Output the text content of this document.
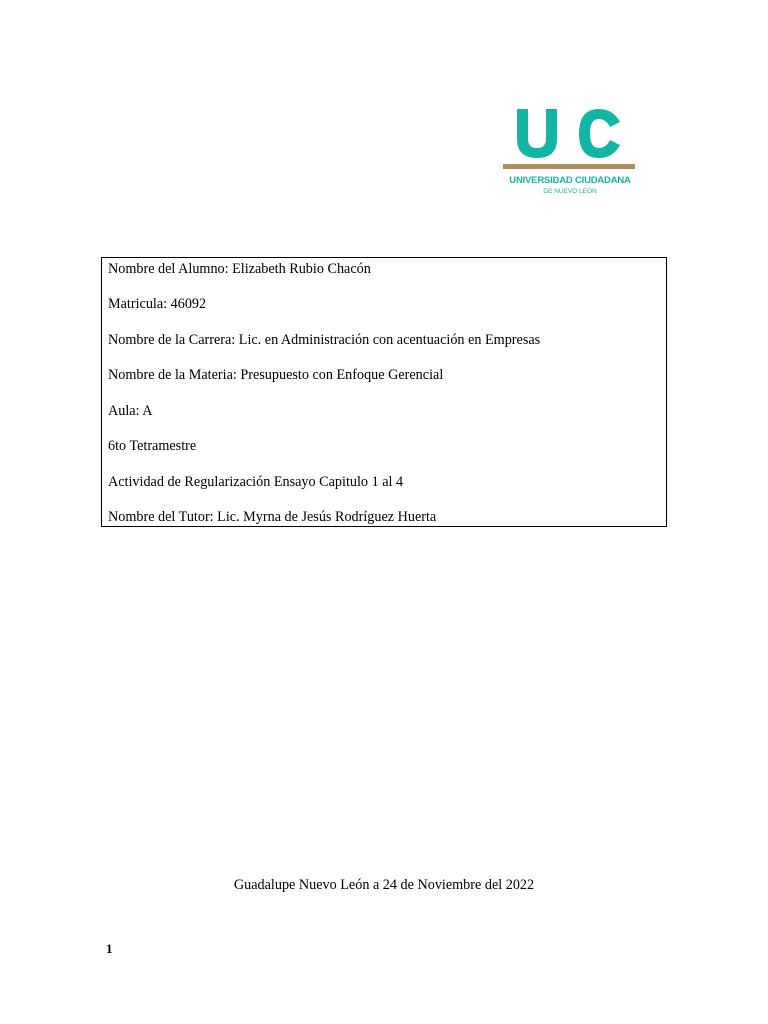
UNIVERSIDAD CIUDADANA
DE NUEVO LEÓN
Nombre del Alumno: Elizabeth Rubio Chacón
Matricula: 46092
Nombre de la Carrera: Lic. en Administración con acentuación en Empresas
Nombre de la Materia: Presupuesto con Enfoque Gerencial
Aula: A
6to Tetramestre
Actividad de Regularización Ensayo Capitulo 1 al 4
Nombre del Tutor: Lic. Myrna de Jesús Rodríguez Huerta
Guadalupe Nuevo León a 24 de Noviembre del 2022
1
